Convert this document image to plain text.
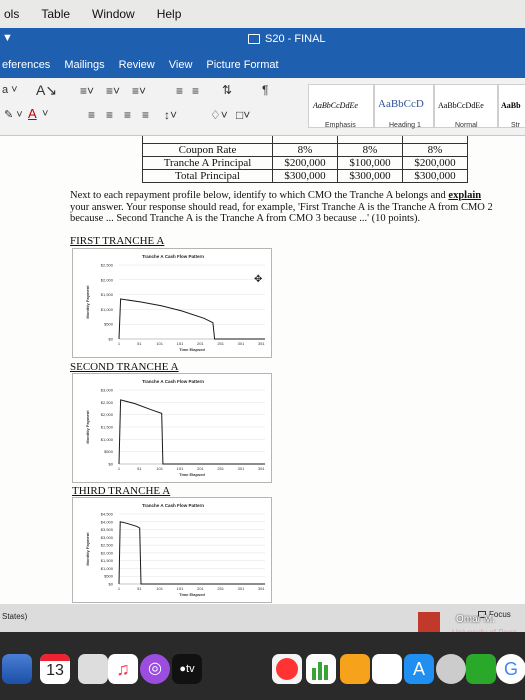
ols Table Window Help
▼	S20 - FINAL
eferences	Mailings	Review	View	Picture Format
a ˅ A↘
✎ ˅ A ˅
≡˅ ≡˅ ≡˅ ≡ ≡ ⇅ ¶
≡ ≡ ≡ ≡ ↕˅	♢˅ □˅
AaBbCcDdEe
Emphasis
AaBbCcD
Heading 1
AaBbCcDdEe
Normal
AaBb
Str

Coupon Rate	8%	8%	8%
Tranche A Principal	$200,000	$100,000	$200,000
Total Principal	$300,000	$300,000	$300,000
Next to each repayment profile below, identify to which CMO the Tranche A belongs and explain your answer. Your response should read, for example, 'First Tranche A is the Tranche A from CMO 2 because ... Second Tranche A is the Tranche A from CMO 3 because ...' (10 points).
FIRST TRANCHE A
Tranche A Cash Flow Pattern
$2,500
$2,000
$1,500
$1,000
$500
$0
1	51	101	151	201	251	301	351
Time Elapsed
Monthly Payment
✥
SECOND TRANCHE A
Tranche A Cash Flow Pattern
$3,000
$2,500
$2,000
$1,500
$1,000
$500
$0
1	51	101	151	201	251	301	351
Time Elapsed
Monthly Payment
THIRD TRANCHE A
Tranche A Cash Flow Pattern
$4,500
$4,000
$3,500
$3,000
$2,500
$2,000
$1,500
$1,000
$500
$0
1	51	101	151	201	251	301	351
Time Elapsed
Monthly Payment
States)	Focus
Omar M.
13	♫	◎	●tv	A	G
